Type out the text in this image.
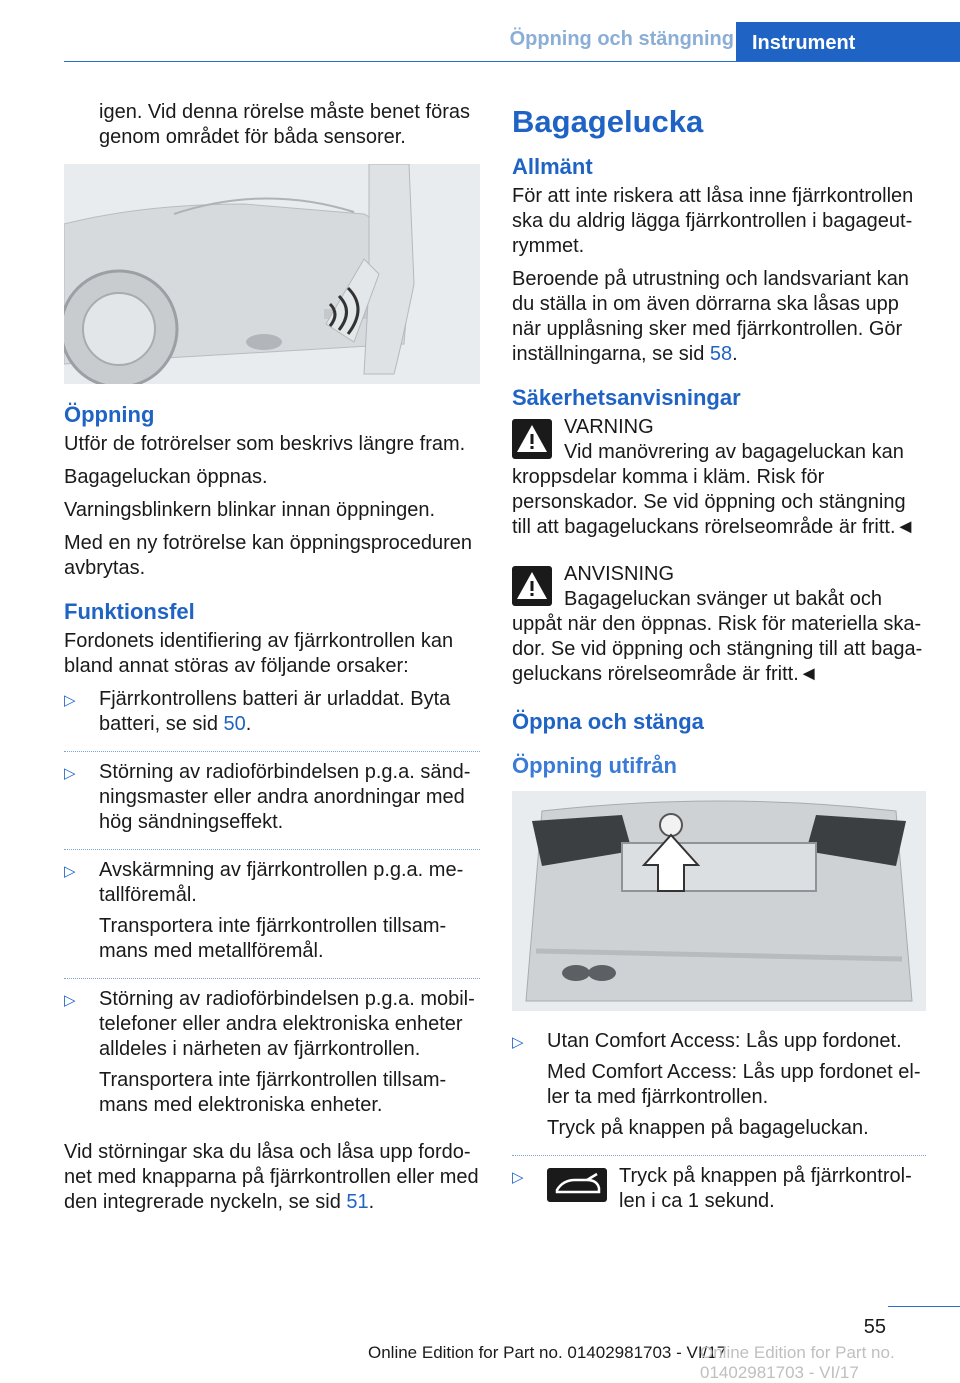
Öppning och stängning Instrument

igen. Vid denna rörelse måste benet föras genom området för båda sensorer.

Öppning

Utför de fotrörelser som beskrivs längre fram.

Bagageluckan öppnas.

Varningsblinkern blinkar innan öppningen.

Med en ny fotrörelse kan öppningsproceduren avbrytas.

Funktionsfel

Fordonets identifiering av fjärrkontrollen kan bland annat störas av följande orsaker:

▷ Fjärrkontrollens batteri är urladdat. Byta batteri, se sid 50.

▷ Störning av radioförbindelsen p.g.a. sändningsmaster eller andra anordningar med hög sändningseffekt.

▷ Avskärmning av fjärrkontrollen p.g.a. metallföremål.

Transportera inte fjärrkontrollen tillsammans med metallföremål.

▷ Störning av radioförbindelsen p.g.a. mobiltelefoner eller andra elektroniska enheter alldeles i närheten av fjärrkontrollen.

Transportera inte fjärrkontrollen tillsammans med elektroniska enheter.

Vid störningar ska du låsa och låsa upp fordonet med knapparna på fjärrkontrollen eller med den integrerade nyckeln, se sid 51.

Bagagelucka
Allmänt

För att inte riskera att låsa inne fjärrkontrollen ska du aldrig lägga fjärrkontrollen i bagageutrymmet.

Beroende på utrustning och landsvariant kan du ställa in om även dörrarna ska låsas upp när upplåsning sker med fjärrkontrollen. Gör inställningarna, se sid 58.

Säkerhetsanvisningar
VARNING
Vid manövrering av bagageluckan kan
kroppsdelar komma i kläm. Risk för personskador. Se vid öppning och stängning till att bagageluckans rörelseområde är fritt.◄
ANVISNING
Bagageluckan svänger ut bakåt och
uppåt när den öppnas. Risk för materiella skador. Se vid öppning och stängning till att bagageluckans rörelseområde är fritt.◄
Öppna och stänga
Öppning utifrån
▷ Utan Comfort Access: Lås upp fordonet.

Med Comfort Access: Lås upp fordonet eller ta med fjärrkontrollen.

Tryck på knappen på bagageluckan.

▷	Tryck på knappen på fjärrkontrollen i ca 1 sekund.

55
Online Edition for Part no. 01402981703 - VI/17
Online Edition for Part no. 01402981703 - VI/17
